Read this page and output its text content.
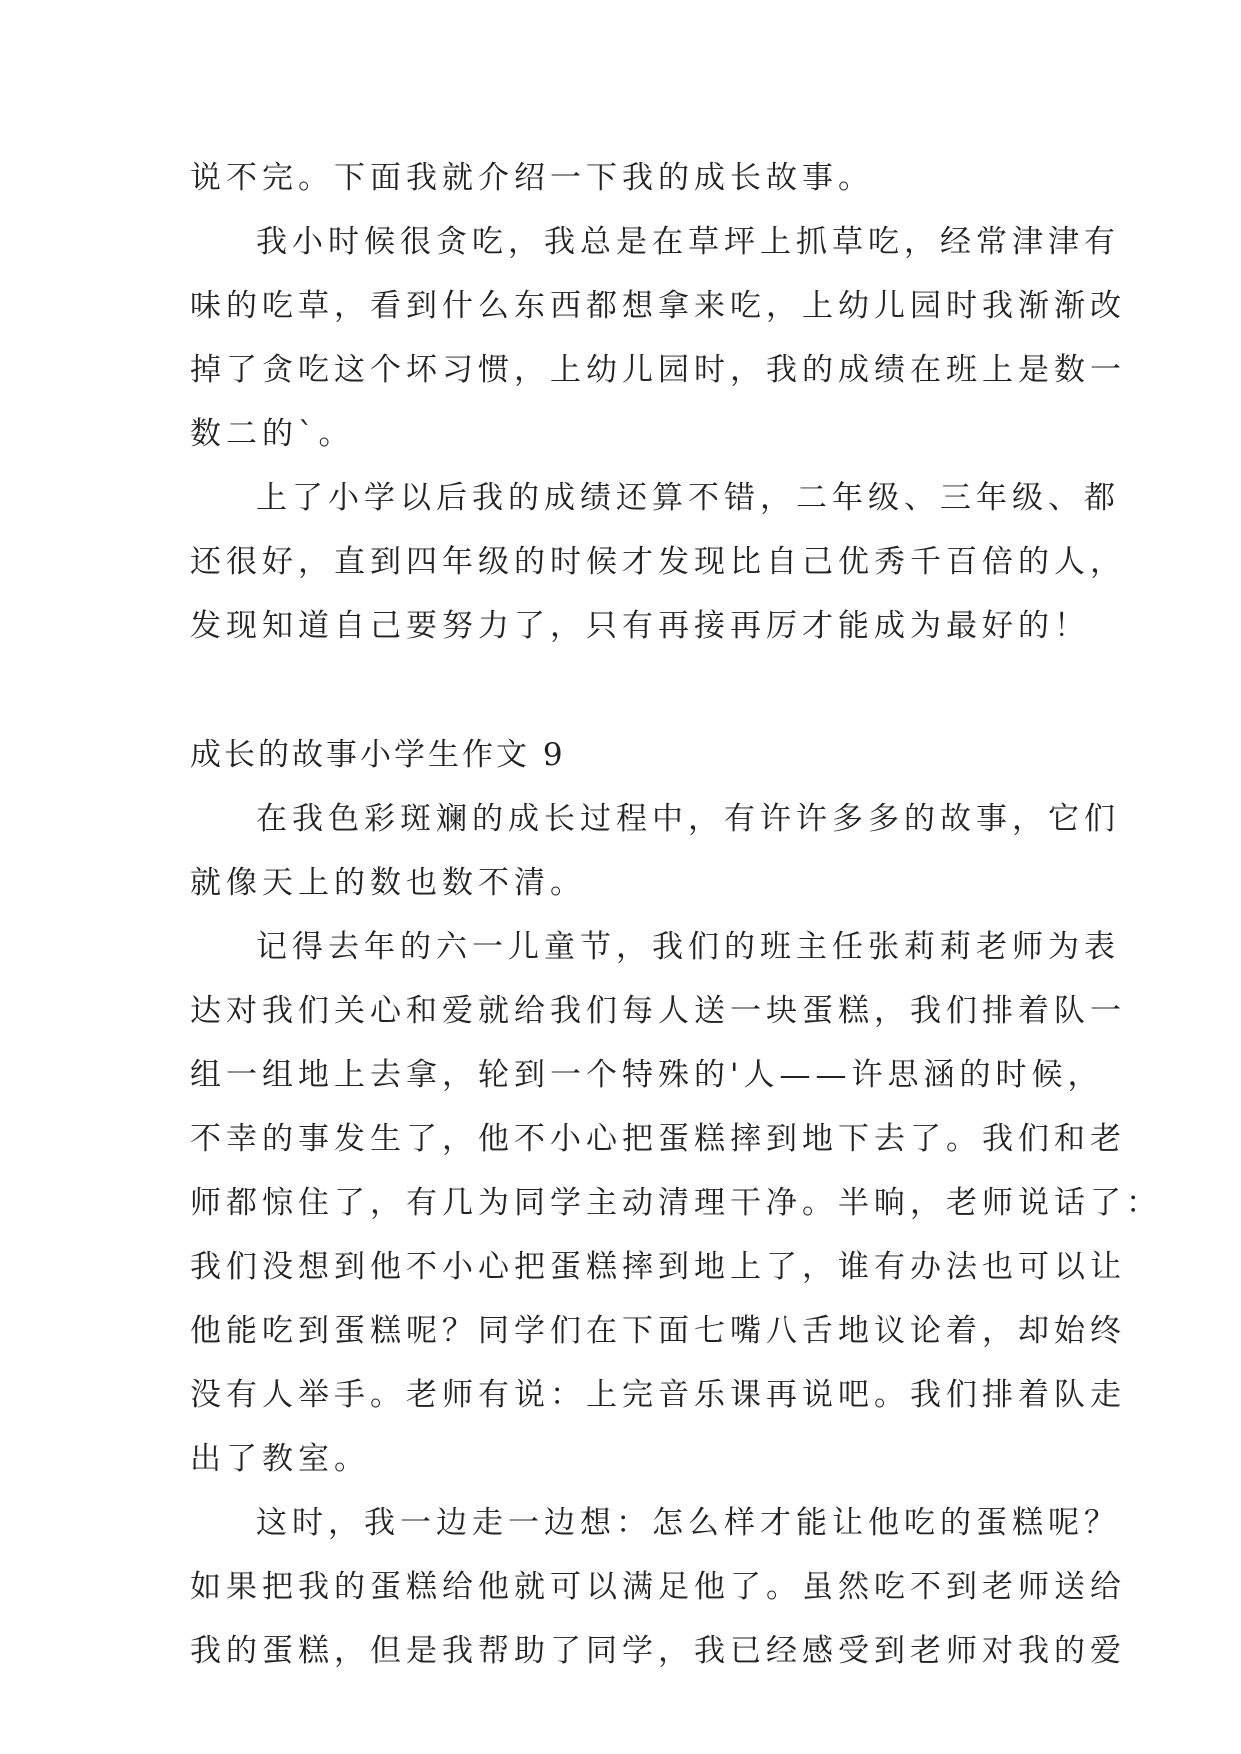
说不完。下面我就介绍一下我的成长故事。
我小时候很贪吃，我总是在草坪上抓草吃，经常津津有
味的吃草，看到什么东西都想拿来吃，上幼儿园时我渐渐改
掉了贪吃这个坏习惯，上幼儿园时，我的成绩在班上是数一
数二的`。
上了小学以后我的成绩还算不错，二年级、三年级、都
还很好，直到四年级的时候才发现比自己优秀千百倍的人，
发现知道自己要努力了，只有再接再厉才能成为最好的！
成长的故事小学生作文 9
在我色彩斑斓的成长过程中，有许许多多的故事，它们
就像天上的数也数不清。
记得去年的六一儿童节，我们的班主任张莉莉老师为表
达对我们关心和爱就给我们每人送一块蛋糕，我们排着队一
组一组地上去拿，轮到一个特殊的'人——许思涵的时候，
不幸的事发生了，他不小心把蛋糕摔到地下去了。我们和老
师都惊住了，有几为同学主动清理干净。半晌，老师说话了：
我们没想到他不小心把蛋糕摔到地上了，谁有办法也可以让
他能吃到蛋糕呢？同学们在下面七嘴八舌地议论着，却始终
没有人举手。老师有说：上完音乐课再说吧。我们排着队走
出了教室。
这时，我一边走一边想：怎么样才能让他吃的蛋糕呢？
如果把我的蛋糕给他就可以满足他了。虽然吃不到老师送给
我的蛋糕，但是我帮助了同学，我已经感受到老师对我的爱
